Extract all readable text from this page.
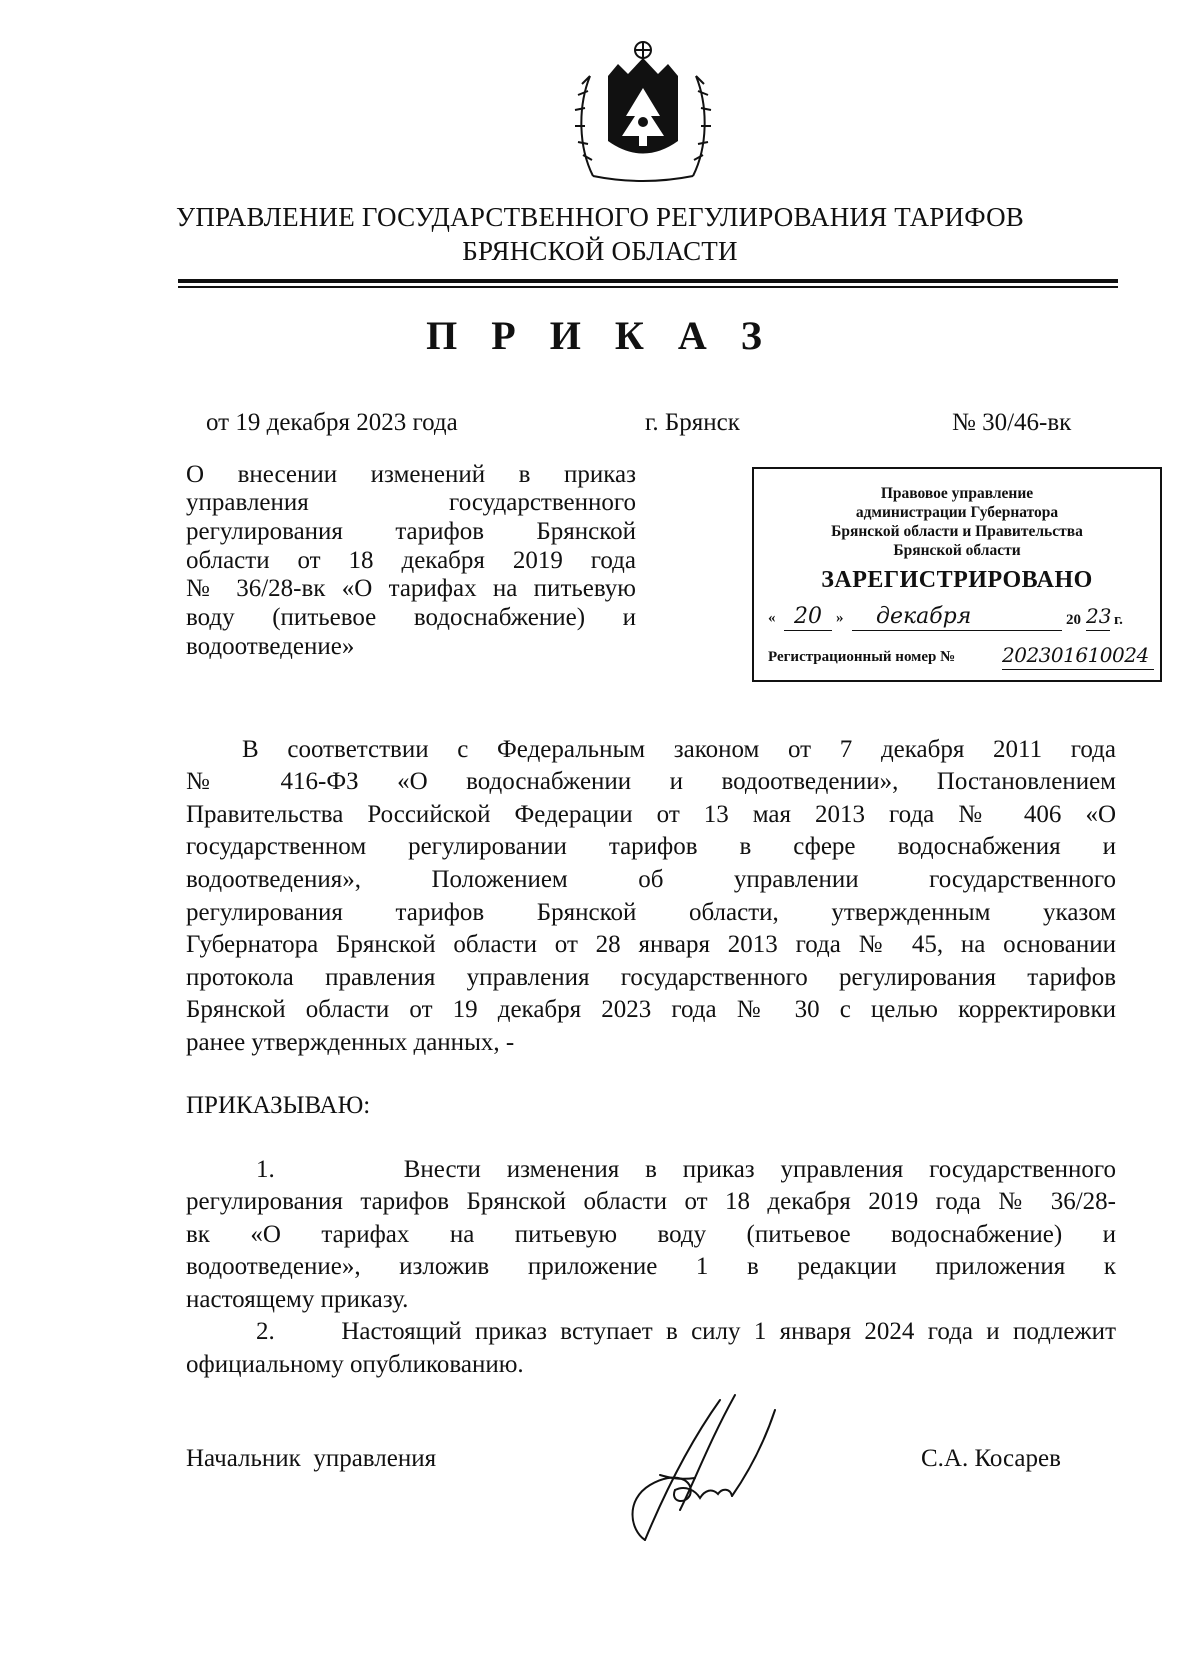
УПРАВЛЕНИЕ ГОСУДАРСТВЕННОГО РЕГУЛИРОВАНИЯ ТАРИФОВ
БРЯНСКОЙ ОБЛАСТИ
П Р И К А З
от 19 декабря 2023 года	г. Брянск	№ 30/46-вк
О внесении изменений в приказ
управления государственного
регулирования тарифов Брянской
области от 18 декабря 2019 года
№ 36/28-вк «О тарифах на питьевую
воду (питьевое водоснабжение) и
водоотведение»
Правовое управление
администрации Губернатора
Брянской области и Правительства
Брянской области
ЗАРЕГИСТРИРОВАНО
« 20 » декабря	20 23 г.
Регистрационный номер № 202301610024
В соответствии с Федеральным законом от 7 декабря 2011 года
№ 416-ФЗ «О водоснабжении и водоотведении», Постановлением
Правительства Российской Федерации от 13 мая 2013 года № 406 «О
государственном регулировании тарифов в сфере водоснабжения и
водоотведения», Положением об управлении государственного
регулирования тарифов Брянской области, утвержденным указом
Губернатора Брянской области от 28 января 2013 года № 45, на основании
протокола правления управления государственного регулирования тарифов
Брянской области от 19 декабря 2023 года № 30 с целью корректировки
ранее утвержденных данных, -
ПРИКАЗЫВАЮ:
1.     Внести изменения в приказ управления государственного
регулирования тарифов Брянской области от 18 декабря 2019 года № 36/28-
вк «О тарифах на питьевую воду (питьевое водоснабжение) и
водоотведение», изложив приложение 1 в редакции приложения к
настоящему приказу.
2.     Настоящий приказ вступает в силу 1 января 2024 года и подлежит
официальному опубликованию.
Начальник  управления	С.А. Косарев
